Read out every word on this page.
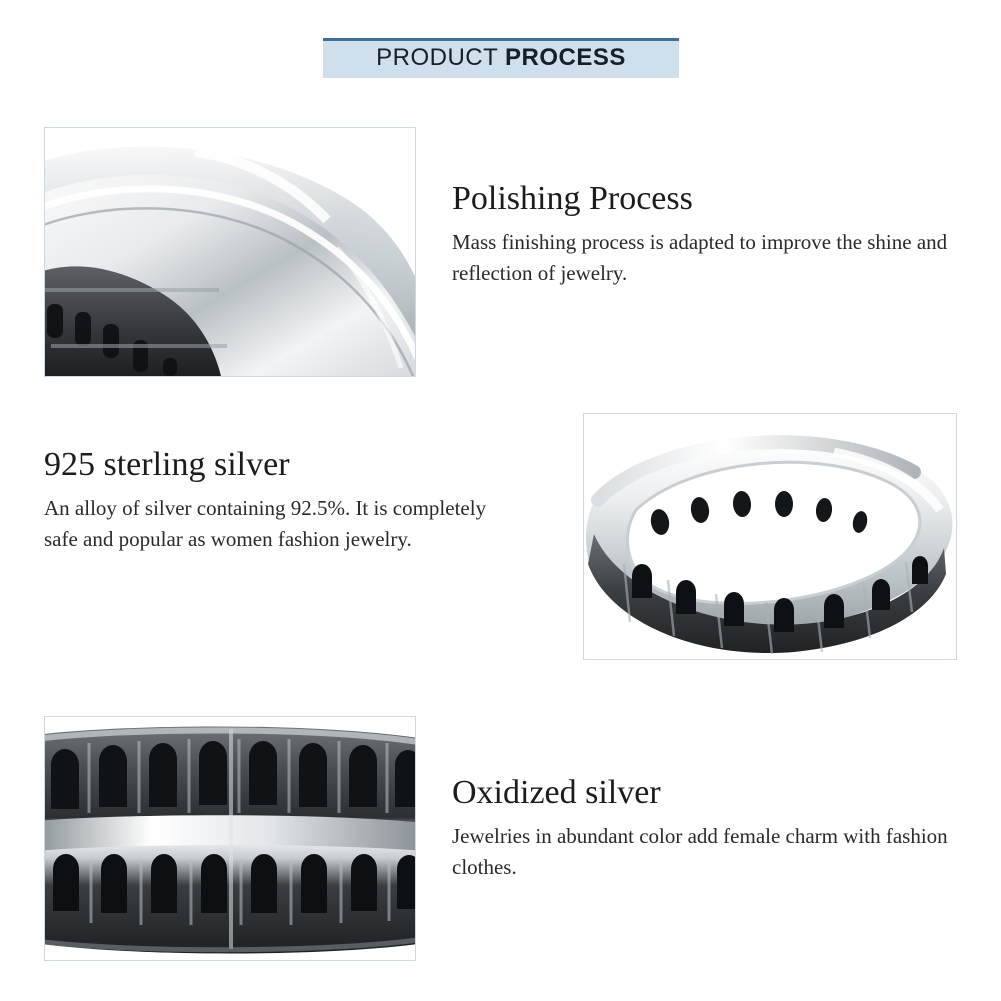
PRODUCT PROCESS
Polishing Process

Mass finishing process is adapted to improve the shine and reflection of jewelry.

925 sterling silver

An alloy of silver containing 92.5%. It is completely safe and popular as women fashion jewelry.

Oxidized silver

Jewelries in abundant color add female charm with fashion clothes.
